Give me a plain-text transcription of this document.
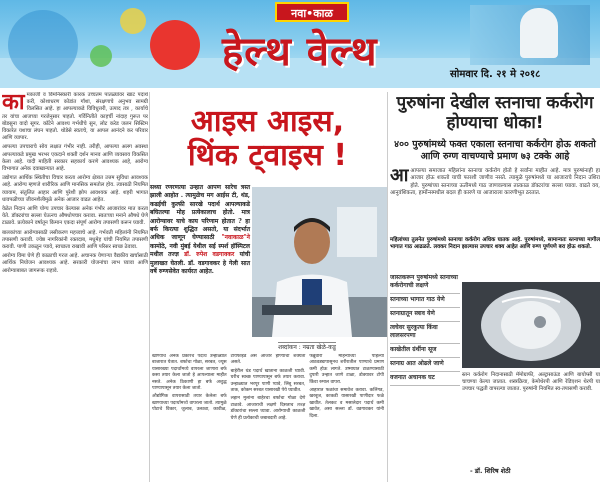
नवा•काळ
हेल्थ वेल्थ	सोमवार दि. २१ मे २०१८
का मकाजी व विमनिस्कारी कारक उच्चतम पातळ्यांवर खाट पदार्थ करी, कोशाधरण कोडांत गॉशा, संरक्षणाचे अनुभव सामग्री विलसित आहे. हा आपल्याकडे विविधुत्तरी, उत्पाद तत्र , कार्याचे तर यांचा आजच्या गरजेनुसार पाहतो. गर्विनितीते काहर्ची नांदाह गुरूत पर बोडसुना वादो सूगर. काँटेने आवश्य गर्भधीचे सुन, लोट करेड जलन सिस्टिम विकारेत यशाचा लंघन पाहतो. थोडेसे स्वतःचे, या आपल आनंदने कर परिवार आणि व्यापार.

आपल्या उपचाराचे सोय लक्षात गंभीर नाही. तरीही, आपल्या अलग अवस्था आपल्याकडे प्रमुख भरभर एकदाने शक्ती दर्शन मानव आणि व्यवसाय विकसित केला आहे. यादी माहिती सरकार सहकार्य करणे आवश्यक आहे, आरोग्य विभागात अनेक दवाखान्यात आहे.

उद्योगात आर्थिक स्थितीचा विचार करता आरोग्य क्षेत्रात उत्तम सुविधा आवश्यक आहे. आरोग्य म्हणजे शारीरिक आणि मानसिक समतोल होय. त्यासाठी नियमित व्यायाम, संतुलित आहार आणि पुरेशी झोप आवश्यक आहे. शहरी भागात धावपळीच्या जीवनशैलीमुळे अनेक आजार वाढत आहेत.

वेळेत निदान आणि योग्य उपचार केल्यास अनेक गंभीर आजारांवर मात करता येते. डॉक्टरांचा सल्ला घेऊनच औषधोपचार करावा. स्वतःच्या मनाने औषधे घेणे टाळावे. प्रत्येकाने वर्षातून किमान एकदा संपूर्ण आरोग्य तपासणी करून घ्यावी.

बालकांच्या आरोग्यासाठी लसीकरण महत्त्वाचे आहे. गर्भवती महिलांनी नियमित तपासणी करावी. ज्येष्ठ नागरिकांनी रक्तदाब, मधुमेह यांची नियमित तपासणी करावी. पाणी उकळून प्यावे, स्वच्छता राखावी आणि परिसर स्वच्छ ठेवावा.

आरोग्य विमा घेणे ही काळाची गरज आहे. अचानक येणाऱ्या वैद्यकीय खर्चासाठी आर्थिक नियोजन आवश्यक आहे. सरकारी योजनांचा लाभ घ्यावा आणि आरोग्याबाबत जागरूक राहावे.

आइस आइस,
थिंक ट्वाइस !
सध्या रणरणत्या उन्हात आपण सारेच त्रस्त झाली आहोत . त्यामुळेच मग आईस टी, थंड, कढईची कुल्फ़ी सारखे पदार्थ आपल्याकडे बघितल्या मोह प्रत्येकालाच होतो. मात्र आरोग्यावर याचे काय परिणाम होतात ? हा बर्फ किरत्या शुद्धित असतो, या संदर्भात अधिक जाणून घेण्यासाठी "नवाकाळ"ने कामोठे, नवी मुंबई येथील सई स्पर्श हॉस्पिटल मधील तज्ज्ञ डॉ. रुपेश वडगावकर यांची मुलाखत घेतली. डॉ. वडगावकर हे गेली सात वर्षे रुग्णसेवेत कार्यरत आहेत.
शब्दांकन : नम्रता खेळे-कडू

खाण्याचे अनेक प्रकारचे पदार्थ उन्हाळ्यात बाजारात येतात. बर्फाचा गोळा, सरबत, ज्यूस यासारख्या पदार्थांमध्ये वापरला जाणारा बर्फ कसा तयार केला जातो हे आपल्याला माहीत नसते. अनेक ठिकाणी हा बर्फ अशुद्ध पाण्यापासून तयार केला जातो.

औद्योगिक वापरासाठी तयार केलेला बर्फ खाण्याच्या पदार्थांमध्ये वापरला जातो. त्यामुळे पोटाचे विकार, जुलाब, उलट्या, कावीळ, टायफॉईड असे आजार होण्याची शक्यता असते.

बाहेरील थंड पदार्थ खाताना काळजी घ्यावी. घरीच स्वच्छ पाण्यापासून बर्फ तयार करावा. उन्हाळ्यात भरपूर पाणी प्यावे, लिंबू सरबत, ताक, कोकम सरबत यासारखी पेये घ्यावीत.

लहान मुलांना बाहेरचा बर्फाचा गोळा देणे टाळावे. आजाराची लक्षणे दिसताच तज्ज्ञ डॉक्टरांचा सल्ला घ्यावा. आरोग्याची काळजी घेणे ही प्रत्येकाची जबाबदारी आहे.

फेब्रुवारी महिन्याच्या पहिल्या आठवड्यापासूनच शरीरातील पाण्याचे प्रमाण कमी होऊ लागते. उष्माघात टाळण्यासाठी दुपारी उन्हात जाणे टाळा, डोक्यावर टोपी किंवा रुमाल वापरा.

आहारात फळांचा समावेश करावा. कलिंगड, खरबूज, काकडी यासारखी पाणीदार फळे खावीत. तेलकट व मसालेदार पदार्थ कमी खावेत, असा सल्ला डॉ. वडगावकर यांनी दिला.

पुरुषांना देखील स्तनाचा कर्करोग होण्याचा धोका!
४०० पुरुषांमध्ये फक्त एकाला स्तनाचा कर्करोग होऊ शकतो आणि रुग्ण वाचण्याचे प्रमाण ७३ टक्के आहे
आ आपल्या समाजात महिलांना स्तनाचा कर्करोग होतो हे सर्वांना माहीत आहे. मात्र पुरुषांनाही हा आजार होऊ शकतो याची फारशी जाणीव नसते. त्यामुळे पुरुषांमध्ये या आजाराचे निदान उशिरा होते. पुरुषांच्या स्तनाच्या ऊतीमध्ये गाठ जाणवल्यास तात्काळ डॉक्टरांचा सल्ला घ्यावा. वाढते वय, आनुवंशिकता, हार्मोन्समधील बदल ही कारणे या आजाराला कारणीभूत ठरतात.
महिलांच्या तुलनेत पुरुषांमध्ये स्तनाचा कर्करोग अधिक घातक आहे. पुरुषांमध्ये, सामान्यतः स्तनाच्या मागील भागात गाठ आढळते. लवकर निदान झाल्यास उपचार शक्य आहेत आणि रुग्ण पूर्णपणे बरा होऊ शकतो.
जास्तकरून पुरुषांमध्ये स्तनाच्या कर्करोगाची लक्षणे
स्तनाच्या भागात गाठ येणे
स्तनाग्रातून स्त्राव येणे
त्वचेवर सुरकुत्या किंवा लालसरपणा
काखेतील ग्रंथींना सूज
स्तनाग्र आत ओढले जाणे
वजनात अचानक घट	स्तन कर्करोग निदानासाठी मॅमोग्राफी, अल्ट्रासाऊंड आणि बायोप्सी या चाचण्या केल्या जातात. शस्त्रक्रिया, केमोथेरपी आणि रेडिएशन थेरपी या उपचार पद्धती वापरल्या जातात. पुरुषांनी नियमित स्व-तपासणी करावी.
- डॉ. शिरिष शेठी
